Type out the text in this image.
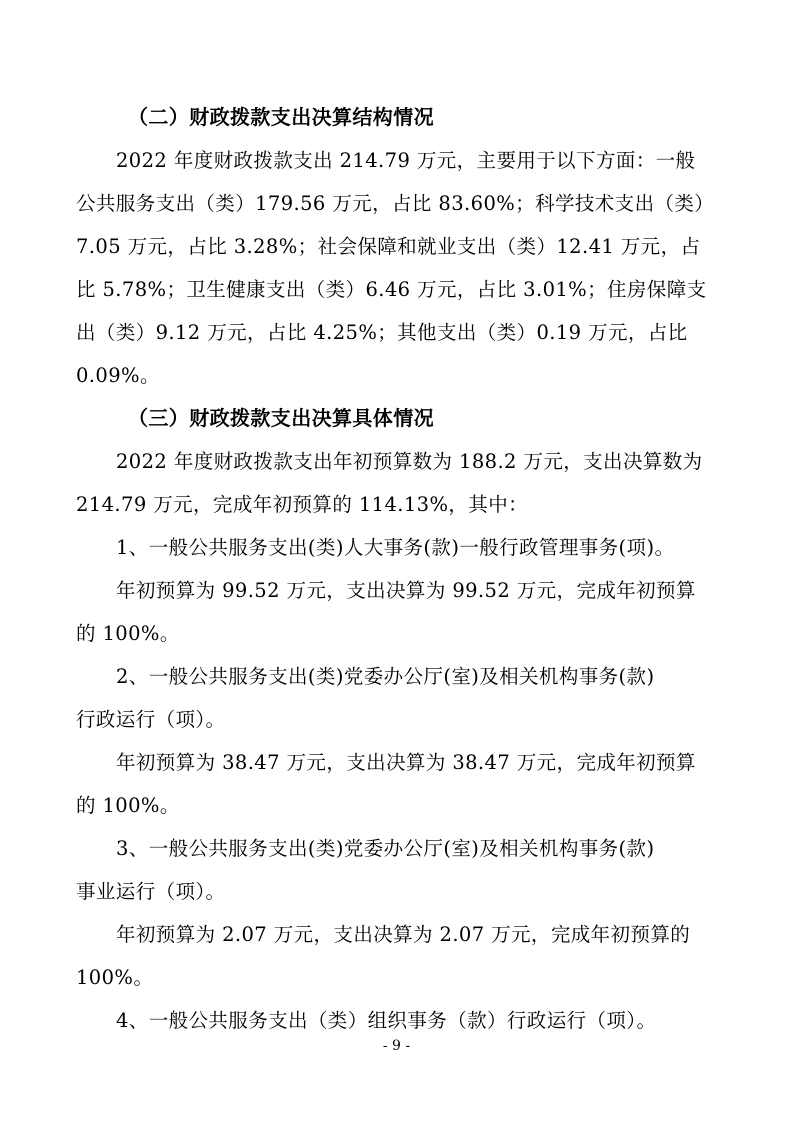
（二）财政拨款支出决算结构情况
2022 年度财政拨款支出 214.79 万元，主要用于以下方面：一般
公共服务支出（类）179.56 万元，占比 83.60%；科学技术支出（类）
7.05 万元，占比 3.28%；社会保障和就业支出（类）12.41 万元，占
比 5.78%；卫生健康支出（类）6.46 万元，占比 3.01%；住房保障支
出（类）9.12 万元，占比 4.25%；其他支出（类）0.19 万元，占比
0.09%。
（三）财政拨款支出决算具体情况
2022 年度财政拨款支出年初预算数为 188.2 万元，支出决算数为
214.79 万元，完成年初预算的 114.13%，其中：
1、一般公共服务支出(类)人大事务(款)一般行政管理事务(项)。
年初预算为 99.52 万元，支出决算为 99.52 万元，完成年初预算
的 100%。
2、一般公共服务支出(类)党委办公厅(室)及相关机构事务(款)
行政运行（项）。
年初预算为 38.47 万元，支出决算为 38.47 万元，完成年初预算
的 100%。
3、一般公共服务支出(类)党委办公厅(室)及相关机构事务(款)
事业运行（项）。
年初预算为 2.07 万元，支出决算为 2.07 万元，完成年初预算的
100%。
4、一般公共服务支出（类）组织事务（款）行政运行（项）。
- 9 -
